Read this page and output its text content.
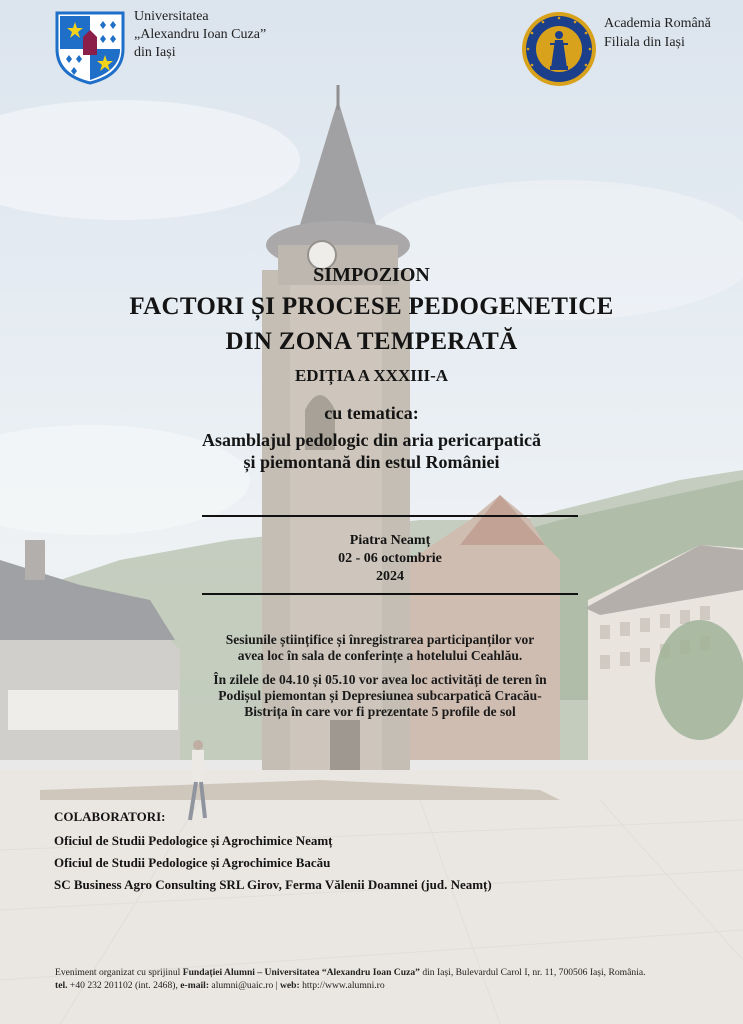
Universitatea
„Alexandru Ioan Cuza”
din Iași
Academia Română
Filiala din Iași
SIMPOZION
FACTORI ȘI PROCESE PEDOGENETICE
DIN ZONA TEMPERATĂ
EDIȚIA A XXXIII-A
cu tematica:
Asamblajul pedologic din aria pericarpatică
și piemontană din estul României
Piatra Neamț
02 - 06 octombrie
2024
Sesiunile științifice și înregistrarea participanților vor
avea loc în sala de conferințe a hotelului Ceahlău.
În zilele de 04.10 și 05.10 vor avea loc activități de teren în
Podișul piemontan și Depresiunea subcarpatică Cracău-
Bistrița în care vor fi prezentate 5 profile de sol
COLABORATORI:
Oficiul de Studii Pedologice și Agrochimice Neamț
Oficiul de Studii Pedologice și Agrochimice Bacău
SC Business Agro Consulting SRL Girov, Ferma Vălenii Doamnei (jud. Neamț)
Eveniment organizat cu sprijinul Fundației Alumni – Universitatea “Alexandru Ioan Cuza” din Iași, Bulevardul Carol I, nr. 11, 700506 Iași, România.
tel. +40 232 201102 (int. 2468), e-mail: alumni@uaic.ro | web: http://www.alumni.ro
